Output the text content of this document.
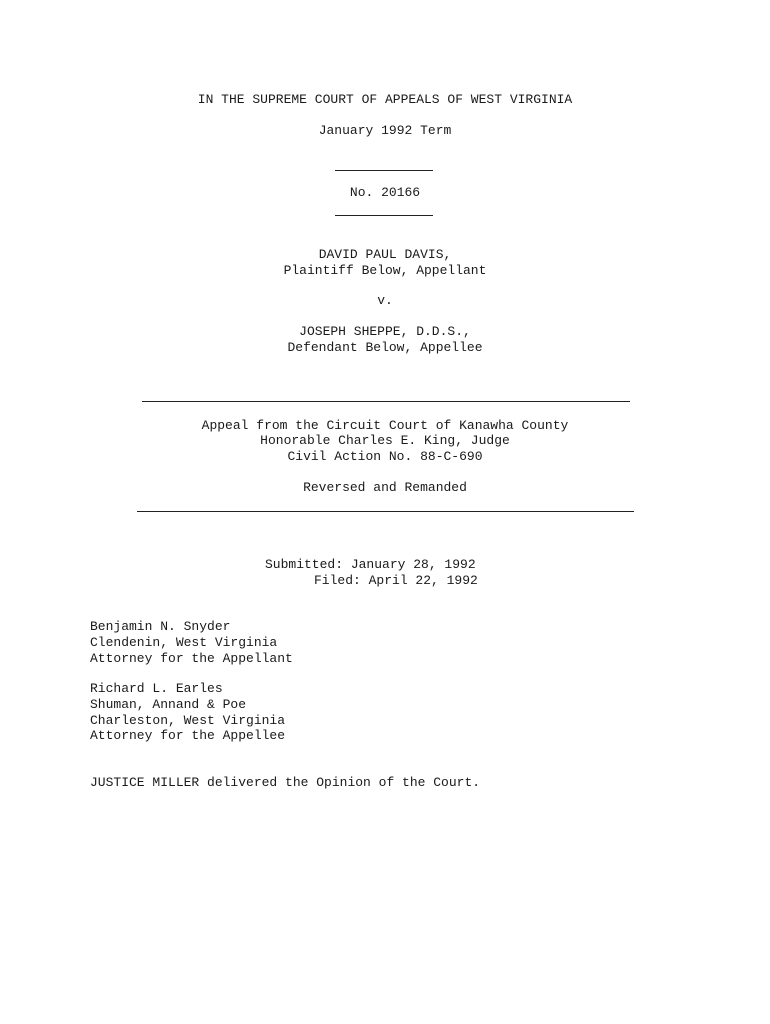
IN THE SUPREME COURT OF APPEALS OF WEST VIRGINIA
January 1992 Term
No. 20166
DAVID PAUL DAVIS,
Plaintiff Below, Appellant
v.
JOSEPH SHEPPE, D.D.S.,
Defendant Below, Appellee
Appeal from the Circuit Court of Kanawha County
Honorable Charles E. King, Judge
Civil Action No. 88-C-690
Reversed and Remanded
Submitted: January 28, 1992
Filed: April 22, 1992
Benjamin N. Snyder
Clendenin, West Virginia
Attorney for the Appellant
Richard L. Earles
Shuman, Annand & Poe
Charleston, West Virginia
Attorney for the Appellee
JUSTICE MILLER delivered the Opinion of the Court.
